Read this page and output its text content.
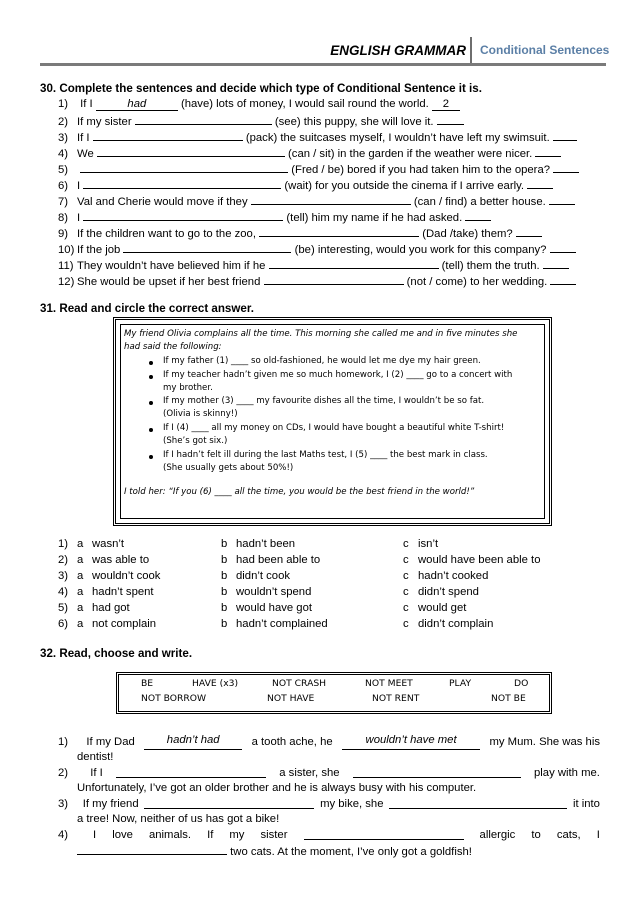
ENGLISH GRAMMAR Conditional Sentences
30. Complete the sentences and decide which type of Conditional Sentence it is.
1) If I	had	(have) lots of money, I would sail round the world. 2
2) If my sister	(see) this puppy, she will love it.
3) If I	(pack) the suitcases myself, I wouldn’t have left my swimsuit.
4) We	(can / sit) in the garden if the weather were nicer.
5)	(Fred / be) bored if you had taken him to the opera?
6) I	(wait) for you outside the cinema if I arrive early.
7) Val and Cherie would move if they	(can / find) a better house.
8) I	(tell) him my name if he had asked.
9) If the children want to go to the zoo,	(Dad /take) them?
10) If the job	(be) interesting, would you work for this company?
11) They wouldn’t have believed him if he	(tell) them the truth.
12) She would be upset if her best friend	(not / come) to her wedding.
31. Read and circle the correct answer.
My friend Olivia complains all the time. This morning she called me and in five minutes she
had said the following:
If my father (1) ____ so old-fashioned, he would let me dye my hair green.
If my teacher hadn’t given me so much homework, I (2) ____ go to a concert with
my brother.
If my mother (3) ____ my favourite dishes all the time, I wouldn’t be so fat.
(Olivia is skinny!)
If I (4) ____ all my money on CDs, I would have bought a beautiful white T-shirt!
(She’s got six.)
If I hadn’t felt ill during the last Maths test, I (5) ____ the best mark in class.
(She usually gets about 50%!)
I told her: “If you (6) ____ all the time, you would be the best friend in the world!”
1) a wasn’t	b hadn’t been	c isn’t
2) a was able to	b had been able to	c would have been able to
3) a wouldn’t cook	b didn’t cook	c hadn’t cooked
4) a hadn’t spent	b wouldn’t spend	c didn’t spend
5) a had got	b would have got	c would get
6) a not complain	b hadn’t complained	c didn’t complain
32. Read, choose and write.
BE	HAVE (x3)	NOT CRASH	NOT MEET	PLAY	DO
NOT BORROW	NOT HAVE	NOT RENT	NOT BE
1)	If my Dad	hadn’t had	a tooth ache, he	wouldn’t have met	my Mum. She was his
dentist!
2)	If I	a sister, she	play with me.
Unfortunately, I’ve got an older brother and he is always busy with his computer.
3)	If my friend	my bike, she	it into
a tree! Now, neither of us has got a bike!
4)	I love animals. If my sister	allergic to cats, I
two cats. At the moment, I’ve only got a goldfish!
